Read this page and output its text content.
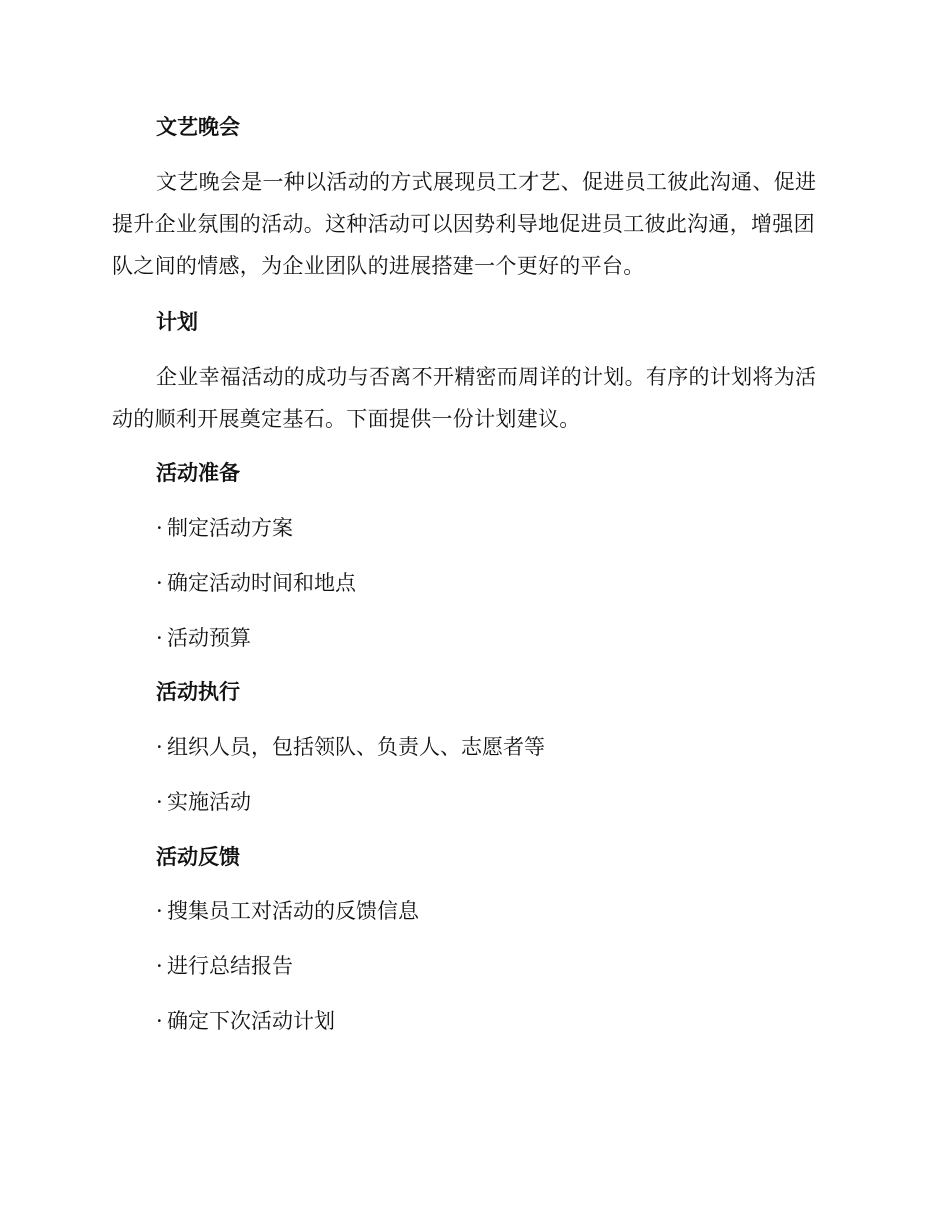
文艺晚会

文艺晚会是一种以活动的方式展现员工才艺、促进员工彼此沟通、促进提升企业氛围的活动。这种活动可以因势利导地促进员工彼此沟通，增强团队之间的情感，为企业团队的进展搭建一个更好的平台。

计划

企业幸福活动的成功与否离不开精密而周详的计划。有序的计划将为活动的顺利开展奠定基石。下面提供一份计划建议。

活动准备
· 制定活动方案
· 确定活动时间和地点
· 活动预算
活动执行
· 组织人员，包括领队、负责人、志愿者等
· 实施活动
活动反馈
· 搜集员工对活动的反馈信息
· 进行总结报告
· 确定下次活动计划
